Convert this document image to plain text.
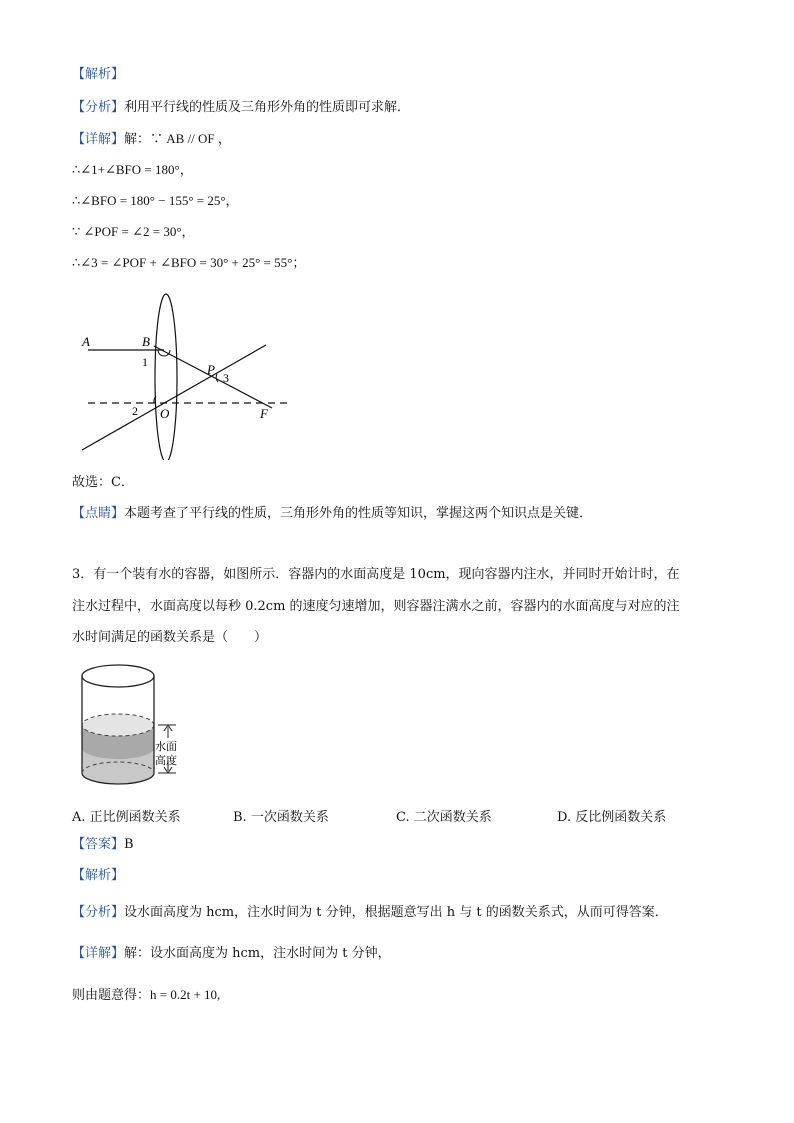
【解析】
【分析】利用平行线的性质及三角形外角的性质即可求解．
【详解】解：∵ AB // OF ，
∴∠1+∠BFO = 180°，
∴∠BFO = 180° − 155° = 25°，
∵ ∠POF = ∠2 = 30°，
∴∠3 = ∠POF + ∠BFO = 30° + 25° = 55°；
A	B
1	P
3
2 O	F
故选：C．
【点睛】本题考查了平行线的性质，三角形外角的性质等知识，掌握这两个知识点是关键．
3．有一个装有水的容器，如图所示．容器内的水面高度是 10cm，现向容器内注水，并同时开始计时，在
注水过程中，水面高度以每秒 0.2cm 的速度匀速增加，则容器注满水之前，容器内的水面高度与对应的注
水时间满足的函数关系是（　　）
水面
高度
A. 正比例函数关系	B. 一次函数关系	C. 二次函数关系	D. 反比例函数关系
【答案】B
【解析】
【分析】设水面高度为 hcm，注水时间为 t 分钟，根据题意写出 h 与 t 的函数关系式，从而可得答案．
【详解】解：设水面高度为 hcm，注水时间为 t 分钟，
则由题意得：h = 0.2t + 10,
